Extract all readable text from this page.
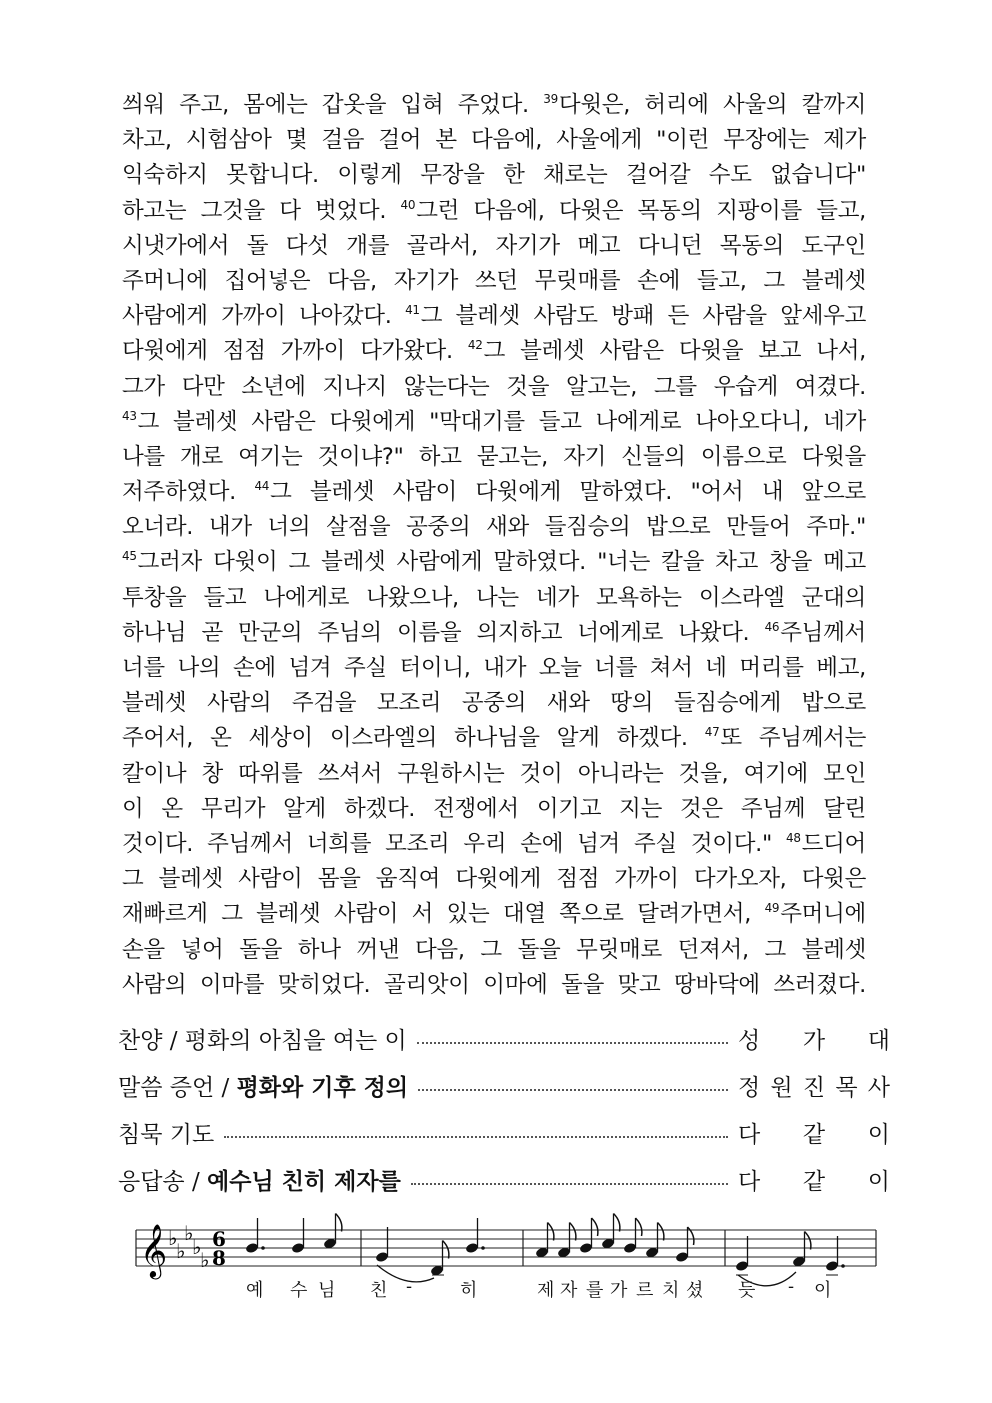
씌워 주고, 몸에는 갑옷을 입혀 주었다. $^{39}$다윗은, 허리에 사울의 칼까지
차고, 시험삼아 몇 걸음 걸어 본 다음에, 사울에게 "이런 무장에는 제가
익숙하지 못합니다. 이렇게 무장을 한 채로는 걸어갈 수도 없습니다"
하고는 그것을 다 벗었다. $^{40}$그런 다음에, 다윗은 목동의 지팡이를 들고,
시냇가에서 돌 다섯 개를 골라서, 자기가 메고 다니던 목동의 도구인
주머니에 집어넣은 다음, 자기가 쓰던 무릿매를 손에 들고, 그 블레셋
사람에게 가까이 나아갔다. $^{41}$그 블레셋 사람도 방패 든 사람을 앞세우고
다윗에게 점점 가까이 다가왔다. $^{42}$그 블레셋 사람은 다윗을 보고 나서,
그가 다만 소년에 지나지 않는다는 것을 알고는, 그를 우습게 여겼다.
$^{43}$그 블레셋 사람은 다윗에게 "막대기를 들고 나에게로 나아오다니, 네가
나를 개로 여기는 것이냐?" 하고 묻고는, 자기 신들의 이름으로 다윗을
저주하였다. $^{44}$그 블레셋 사람이 다윗에게 말하였다. "어서 내 앞으로
오너라. 내가 너의 살점을 공중의 새와 들짐승의 밥으로 만들어 주마."
$^{45}$그러자 다윗이 그 블레셋 사람에게 말하였다. "너는 칼을 차고 창을 메고
투창을 들고 나에게로 나왔으나, 나는 네가 모욕하는 이스라엘 군대의
하나님 곧 만군의 주님의 이름을 의지하고 너에게로 나왔다. $^{46}$주님께서
너를 나의 손에 넘겨 주실 터이니, 내가 오늘 너를 쳐서 네 머리를 베고,
블레셋 사람의 주검을 모조리 공중의 새와 땅의 들짐승에게 밥으로
주어서, 온 세상이 이스라엘의 하나님을 알게 하겠다. $^{47}$또 주님께서는
칼이나 창 따위를 쓰셔서 구원하시는 것이 아니라는 것을, 여기에 모인
이 온 무리가 알게 하겠다. 전쟁에서 이기고 지는 것은 주님께 달린
것이다. 주님께서 너희를 모조리 우리 손에 넘겨 주실 것이다." $^{48}$드디어
그 블레셋 사람이 몸을 움직여 다윗에게 점점 가까이 다가오자, 다윗은
재빠르게 그 블레셋 사람이 서 있는 대열 쪽으로 달려가면서, $^{49}$주머니에
손을 넣어 돌을 하나 꺼낸 다음, 그 돌을 무릿매로 던져서, 그 블레셋
사람의 이마를 맞히었다. 골리앗이 이마에 돌을 맞고 땅바닥에 쓰러졌다.
찬양 / 평화의 아침을 여는 이	성 가 대
말씀 증언 / 평화와 기후 정의	정 원 진 목 사
침묵 기도	다 같 이
응답송 / 예수님 친히 제자를	다 같 이
𝄞 ♭
♭
♭
♭
♭
6
8
예 수 님 친 -	히	제 자 를 가 르 치 셨 듯 - 이
